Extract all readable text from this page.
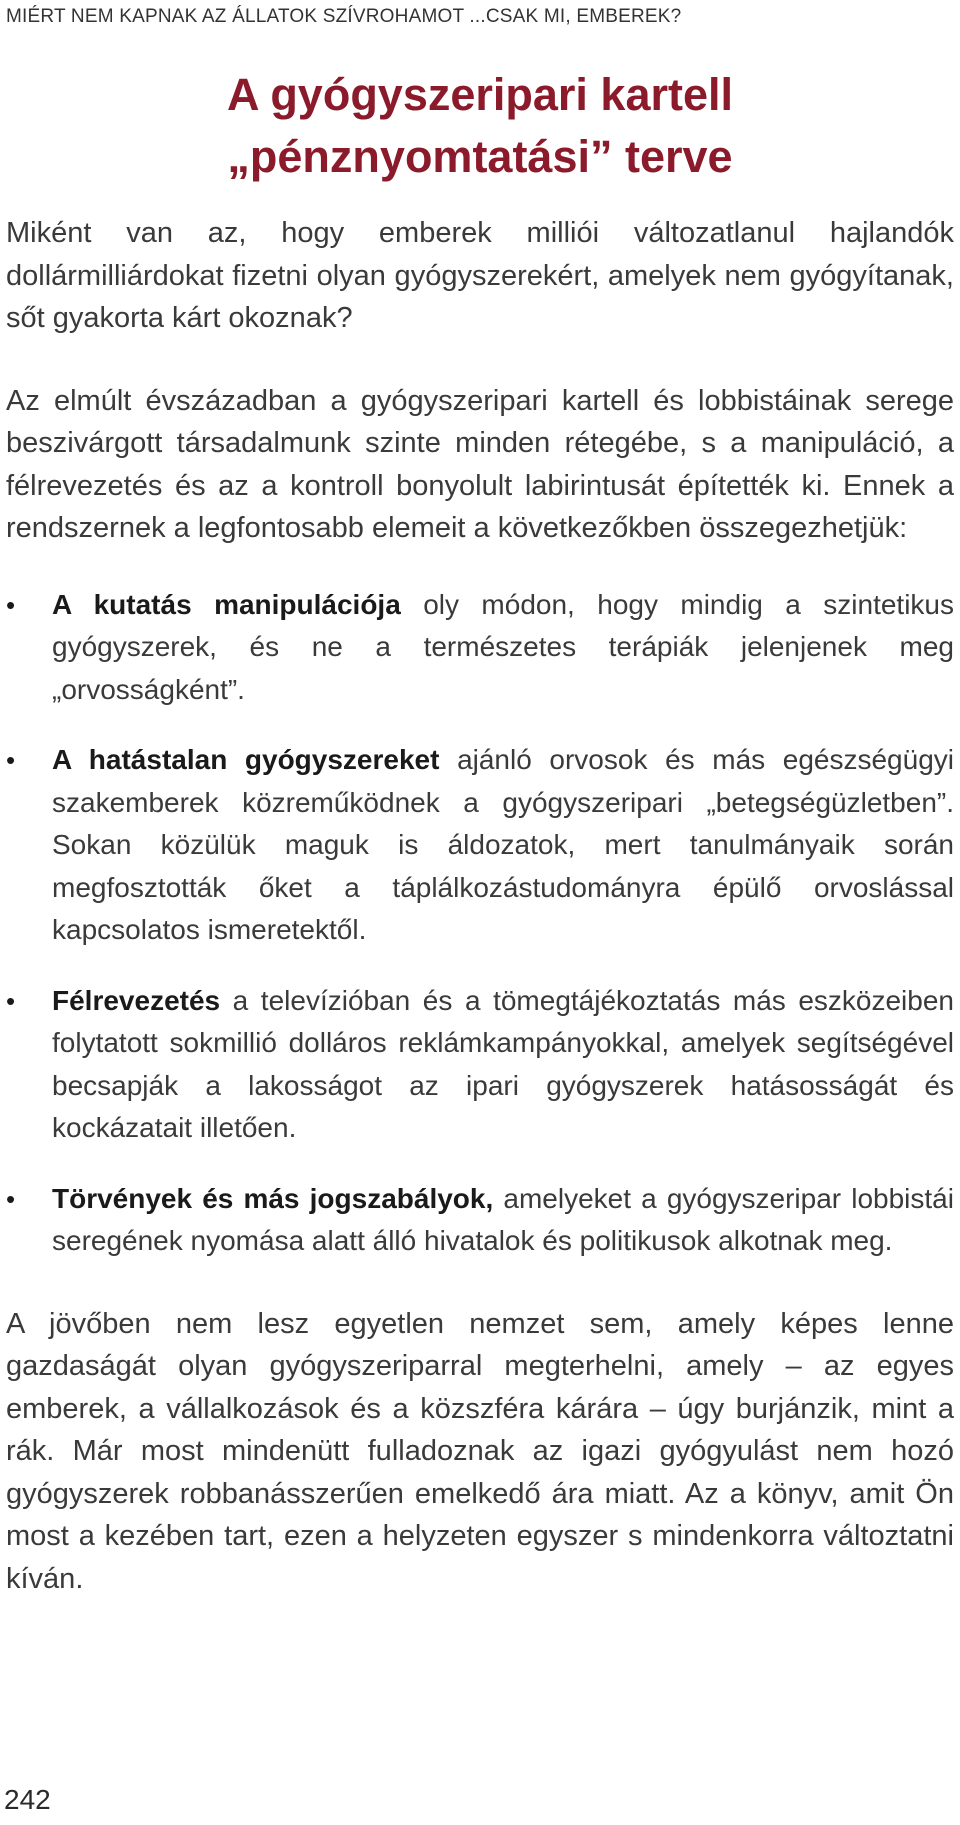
MIÉRT NEM KAPNAK AZ ÁLLATOK SZÍVROHAMOT ...CSAK MI, EMBEREK?
A gyógyszeripari kartell
„pénznyomtatási” terve

Miként van az, hogy emberek milliói változatlanul hajlandók dollármilliárdokat fizetni olyan gyógyszerekért, amelyek nem gyógyítanak, sőt gyakorta kárt okoznak?

Az elmúlt évszázadban a gyógyszeripari kartell és lobbistáinak serege beszivárgott társadalmunk szinte minden rétegébe, s a manipuláció, a félrevezetés és az a kontroll bonyolult labirintusát építették ki. Ennek a rendszernek a legfontosabb elemeit a következőkben összegezhetjük:

• A kutatás manipulációja oly módon, hogy mindig a szintetikus gyógyszerek, és ne a természetes terápiák jelenjenek meg „orvosságként”.
• A hatástalan gyógyszereket ajánló orvosok és más egészségügyi szakemberek közreműködnek a gyógyszeripari „betegségüzletben”. Sokan közülük maguk is áldozatok, mert tanulmányaik során megfosztották őket a táplálkozástudományra épülő orvoslással kapcsolatos ismeretektől.
• Félrevezetés a televízióban és a tömegtájékoztatás más eszközeiben folytatott sokmillió dolláros reklámkampányokkal, amelyek segítségével becsapják a lakosságot az ipari gyógyszerek hatásosságát és kockázatait illetően.
• Törvények és más jogszabályok, amelyeket a gyógyszeripar lobbistái seregének nyomása alatt álló hivatalok és politikusok alkotnak meg.

A jövőben nem lesz egyetlen nemzet sem, amely képes lenne gazdaságát olyan gyógyszeriparral megterhelni, amely – az egyes emberek, a vállalkozások és a közszféra kárára – úgy burjánzik, mint a rák. Már most mindenütt fulladoznak az igazi gyógyulást nem hozó gyógyszerek robbanásszerűen emelkedő ára miatt. Az a könyv, amit Ön most a kezében tart, ezen a helyzeten egyszer s mindenkorra változtatni kíván.

242
